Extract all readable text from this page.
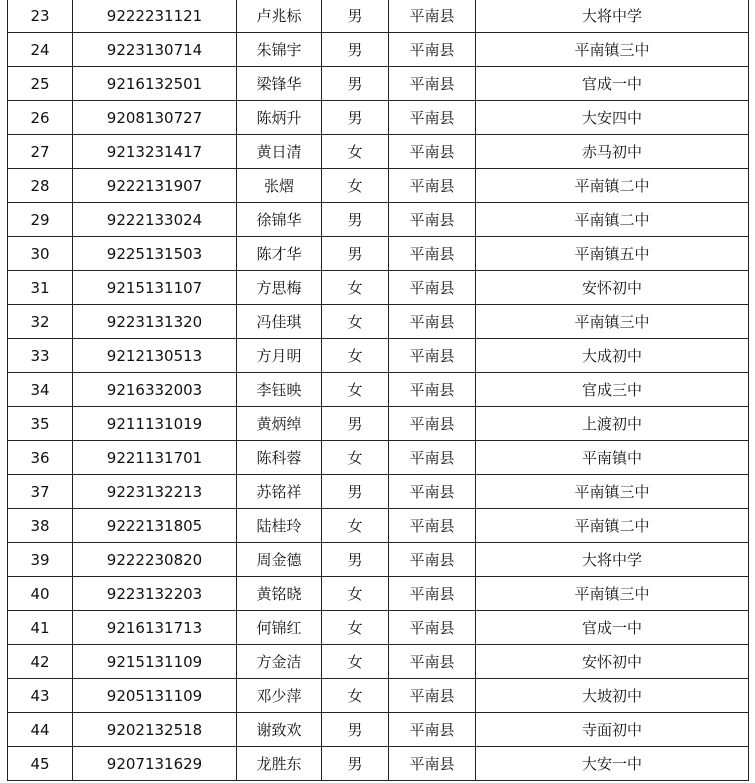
23	9222231121	卢兆标	男	平南县	大将中学
24	9223130714	朱锦宇	男	平南县	平南镇三中
25	9216132501	梁锋华	男	平南县	官成一中
26	9208130727	陈炳升	男	平南县	大安四中
27	9213231417	黄日清	女	平南县	赤马初中
28	9222131907	张熠	女	平南县	平南镇二中
29	9222133024	徐锦华	男	平南县	平南镇二中
30	9225131503	陈才华	男	平南县	平南镇五中
31	9215131107	方思梅	女	平南县	安怀初中
32	9223131320	冯佳琪	女	平南县	平南镇三中
33	9212130513	方月明	女	平南县	大成初中
34	9216332003	李钰映	女	平南县	官成三中
35	9211131019	黄炳绰	男	平南县	上渡初中
36	9221131701	陈科蓉	女	平南县	平南镇中
37	9223132213	苏铭祥	男	平南县	平南镇三中
38	9222131805	陆桂玲	女	平南县	平南镇二中
39	9222230820	周金德	男	平南县	大将中学
40	9223132203	黄铭晓	女	平南县	平南镇三中
41	9216131713	何锦红	女	平南县	官成一中
42	9215131109	方金洁	女	平南县	安怀初中
43	9205131109	邓少萍	女	平南县	大坡初中
44	9202132518	谢致欢	男	平南县	寺面初中
45	9207131629	龙胜东	男	平南县	大安一中
